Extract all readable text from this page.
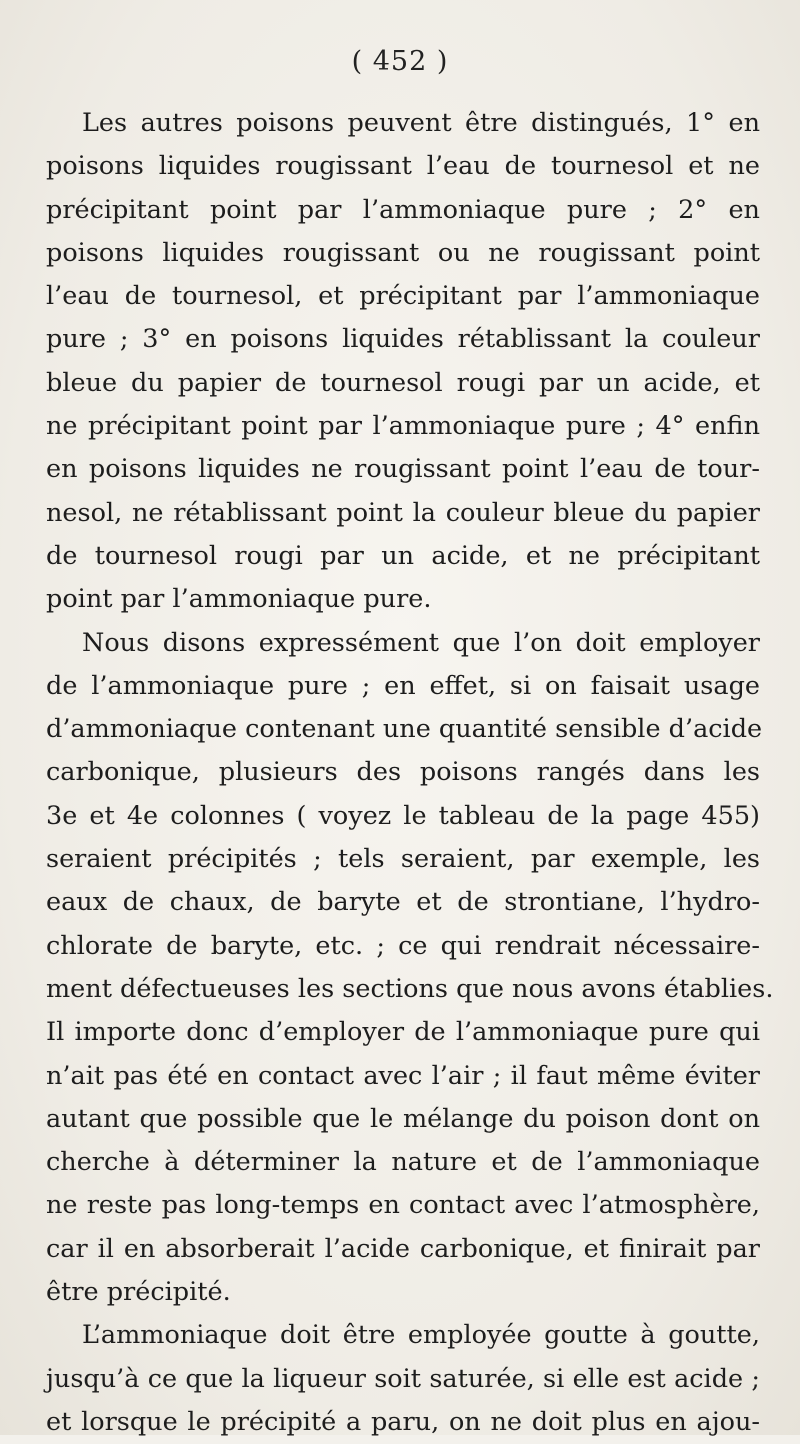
( 452 )
Les autres poisons peuvent être distingués, 1° en
poisons liquides rougissant l’eau de tournesol et ne
précipitant point par l’ammoniaque pure ; 2° en
poisons liquides rougissant ou ne rougissant point
l’eau de tournesol, et précipitant par l’ammoniaque
pure ; 3° en poisons liquides rétablissant la couleur
bleue du papier de tournesol rougi par un acide, et
ne précipitant point par l’ammoniaque pure ; 4° enfin
en poisons liquides ne rougissant point l’eau de tour-
nesol, ne rétablissant point la couleur bleue du papier
de tournesol rougi par un acide, et ne précipitant
point par l’ammoniaque pure.
Nous disons expressément que l’on doit employer
de l’ammoniaque pure ; en effet, si on faisait usage
d’ammoniaque contenant une quantité sensible d’acide
carbonique, plusieurs des poisons rangés dans les
3e et 4e colonnes ( voyez le tableau de la page 455)
seraient précipités ; tels seraient, par exemple, les
eaux de chaux, de baryte et de strontiane, l’hydro-
chlorate de baryte, etc. ; ce qui rendrait nécessaire-
ment défectueuses les sections que nous avons établies.
Il importe donc d’employer de l’ammoniaque pure qui
n’ait pas été en contact avec l’air ; il faut même éviter
autant que possible que le mélange du poison dont on
cherche à déterminer la nature et de l’ammoniaque
ne reste pas long-temps en contact avec l’atmosphère,
car il en absorberait l’acide carbonique, et finirait par
être précipité.
L’ammoniaque doit être employée goutte à goutte,
jusqu’à ce que la liqueur soit saturée, si elle est acide ;
et lorsque le précipité a paru, on ne doit plus en ajou-
